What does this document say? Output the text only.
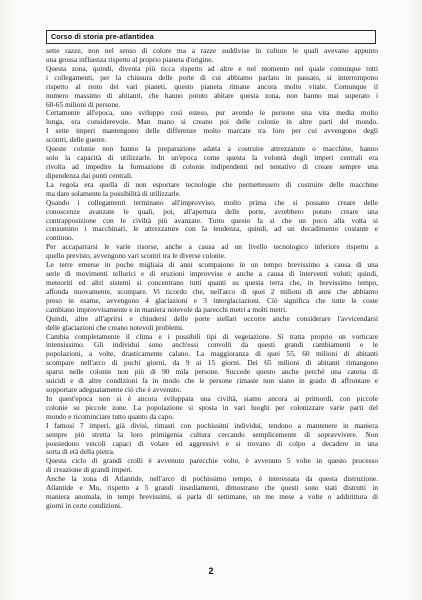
Corso di storia pre-atlantidea

sette razze, non nel senso di colore ma a razze suddivise in culture le quali avevano appunto
una grossa influenza rispetto al proprio pianeta d'origine.

Questa zona, quindi, diventa più ricca rispetto ad altre e nel momento nel quale comunque tutti
i collegamenti, per la chiusura delle porte di cui abbiamo parlato in passato, si interrompono
rispetto al resto dei vari pianeti, questo pianeta rimane ancora molto vitale. Comunque il
numero massimo di abitanti, che hanno potuto abitare questa zona, non hanno mai superato i
60-65 milioni di persone.

Certamente all'epoca, uno sviluppo così esteso, pur avendo le persone una vita media molto
lunga, era considerevole. Man mano si creano poi delle colonie in altre parti del mondo.
I sette imperi mantengono delle differenze molto marcate tra loro per cui avvengono degli
scontri, delle guerre.

Queste colonie non hanno la preparazione adatta a costruire attrezzature o macchine, hanno
solo la capacità di utilizzarle. In un'epoca come questa la volontà degli imperi centrali era
rivolta ad impedire la formazione di colonie indipendenti nel tentativo di creare sempre una
dipendenza dai punti centrali.

La regola era quella di non esportare tecnologie che permettessero di costruire delle macchine
ma dare solamente la possibilità di utilizzarle.

Quando i collegamenti terminano all'improvviso, molto prima che si possano creare delle
conoscenze avanzate le quali, poi, all'apertura delle porte, avrebbero potuto creare una
contrapposizione con le civiltà più avanzate. Tutto questo fa sì che un poco alla volta si
consumino i macchinari, le attrezzature con la tendenza, quindi, ad un decadimento costante e
continuo.

Per accaparrarsi le varie risorse, anche a causa ad un livello tecnologico inferiore rispetto a
quello previsto, avvengono vari scontri tra le diverse colonie.

Le terre emerse in poche migliaia di anni scompaiono in un tempo brevissimo a causa di una
serie di movimenti tellurici e di eruzioni improvvise e anche a causa di interventi voluti; quindi,
meteoriti ed altri sistemi si concentrano tutti quanti su questa terra che, in brevissimo tempo,
affonda nuovamente, scompare. Vi ricordo che, nell'arco di quei 2 milioni di anni che abbiamo
preso in esame, avvengono 4 glaciazioni e 3 interglaciazioni. Ciò significa che tutte le coste
cambiano improvvisamente e in maniera notevole da parecchi metri a molti metri.

Quindi, altre all'aprirsi e chiudersi delle porte stellari occorre anche considerare l'avvicendarsi
delle glaciazioni che creano notevoli problemi.

Cambia completamente il clima e i possibili tipi di vegetazione. Si tratta proprio un vorticare
intensissimo. Gli individui sono anch'essi convolti da questi grandi cambiamenti e le
popolazioni, a volte, drasticamente calano. La maggioranza di quei 55, 60 milioni di abitanti
scompare nell'arco di pochi giorni, da 9 ai 15 giorni. Dei 65 milioni di abitanti rimangono
sparsi nelle colonie non più di 90 mila persone. Succede questo anche perché una catena di
suicidi e di altre condizioni fa in modo che le persone rimaste non siano in grado di affrontare e
sopportare adeguatamente ciò che è avvenuto.

In quest'epoca non si è ancora sviluppata una civiltà, siamo ancora ai primordi, con piccole
colonie su piccole zone. La popolazione si sposta in vari luoghi per colonizzare varie parti del
mondo e ricominciare tutto quanto da capo.

I famosi 7 imperi, già divisi, rimasti con pochissimi individui, tendono a mantenere in maniera
sempre più stretta la loro primigenia cultura cercando semplicemente di sopravvivere. Non
possiedono veicoli capaci di volare ed aggressivi e si trovano di colpo a decadere in una
sorta di età della pietra.

Questa ciclo di grandi crolli è avvenuto parecchie volte, è avvenuto 5 volte in questo processo
di creazione di grandi imperi.

Anche la zona di Atlantide, nell'arco di pochissimo tempo, è interessata da questa distruzione.
Atlantide e Mu, rispetto a 5 grandi insediamenti, dimostrano che questi sono stati distrutti in
maniera anomala, in tempi brevissimi, si parla di settimane, un me mese a volte o addirittura di
giorni in certe condizioni.

2
